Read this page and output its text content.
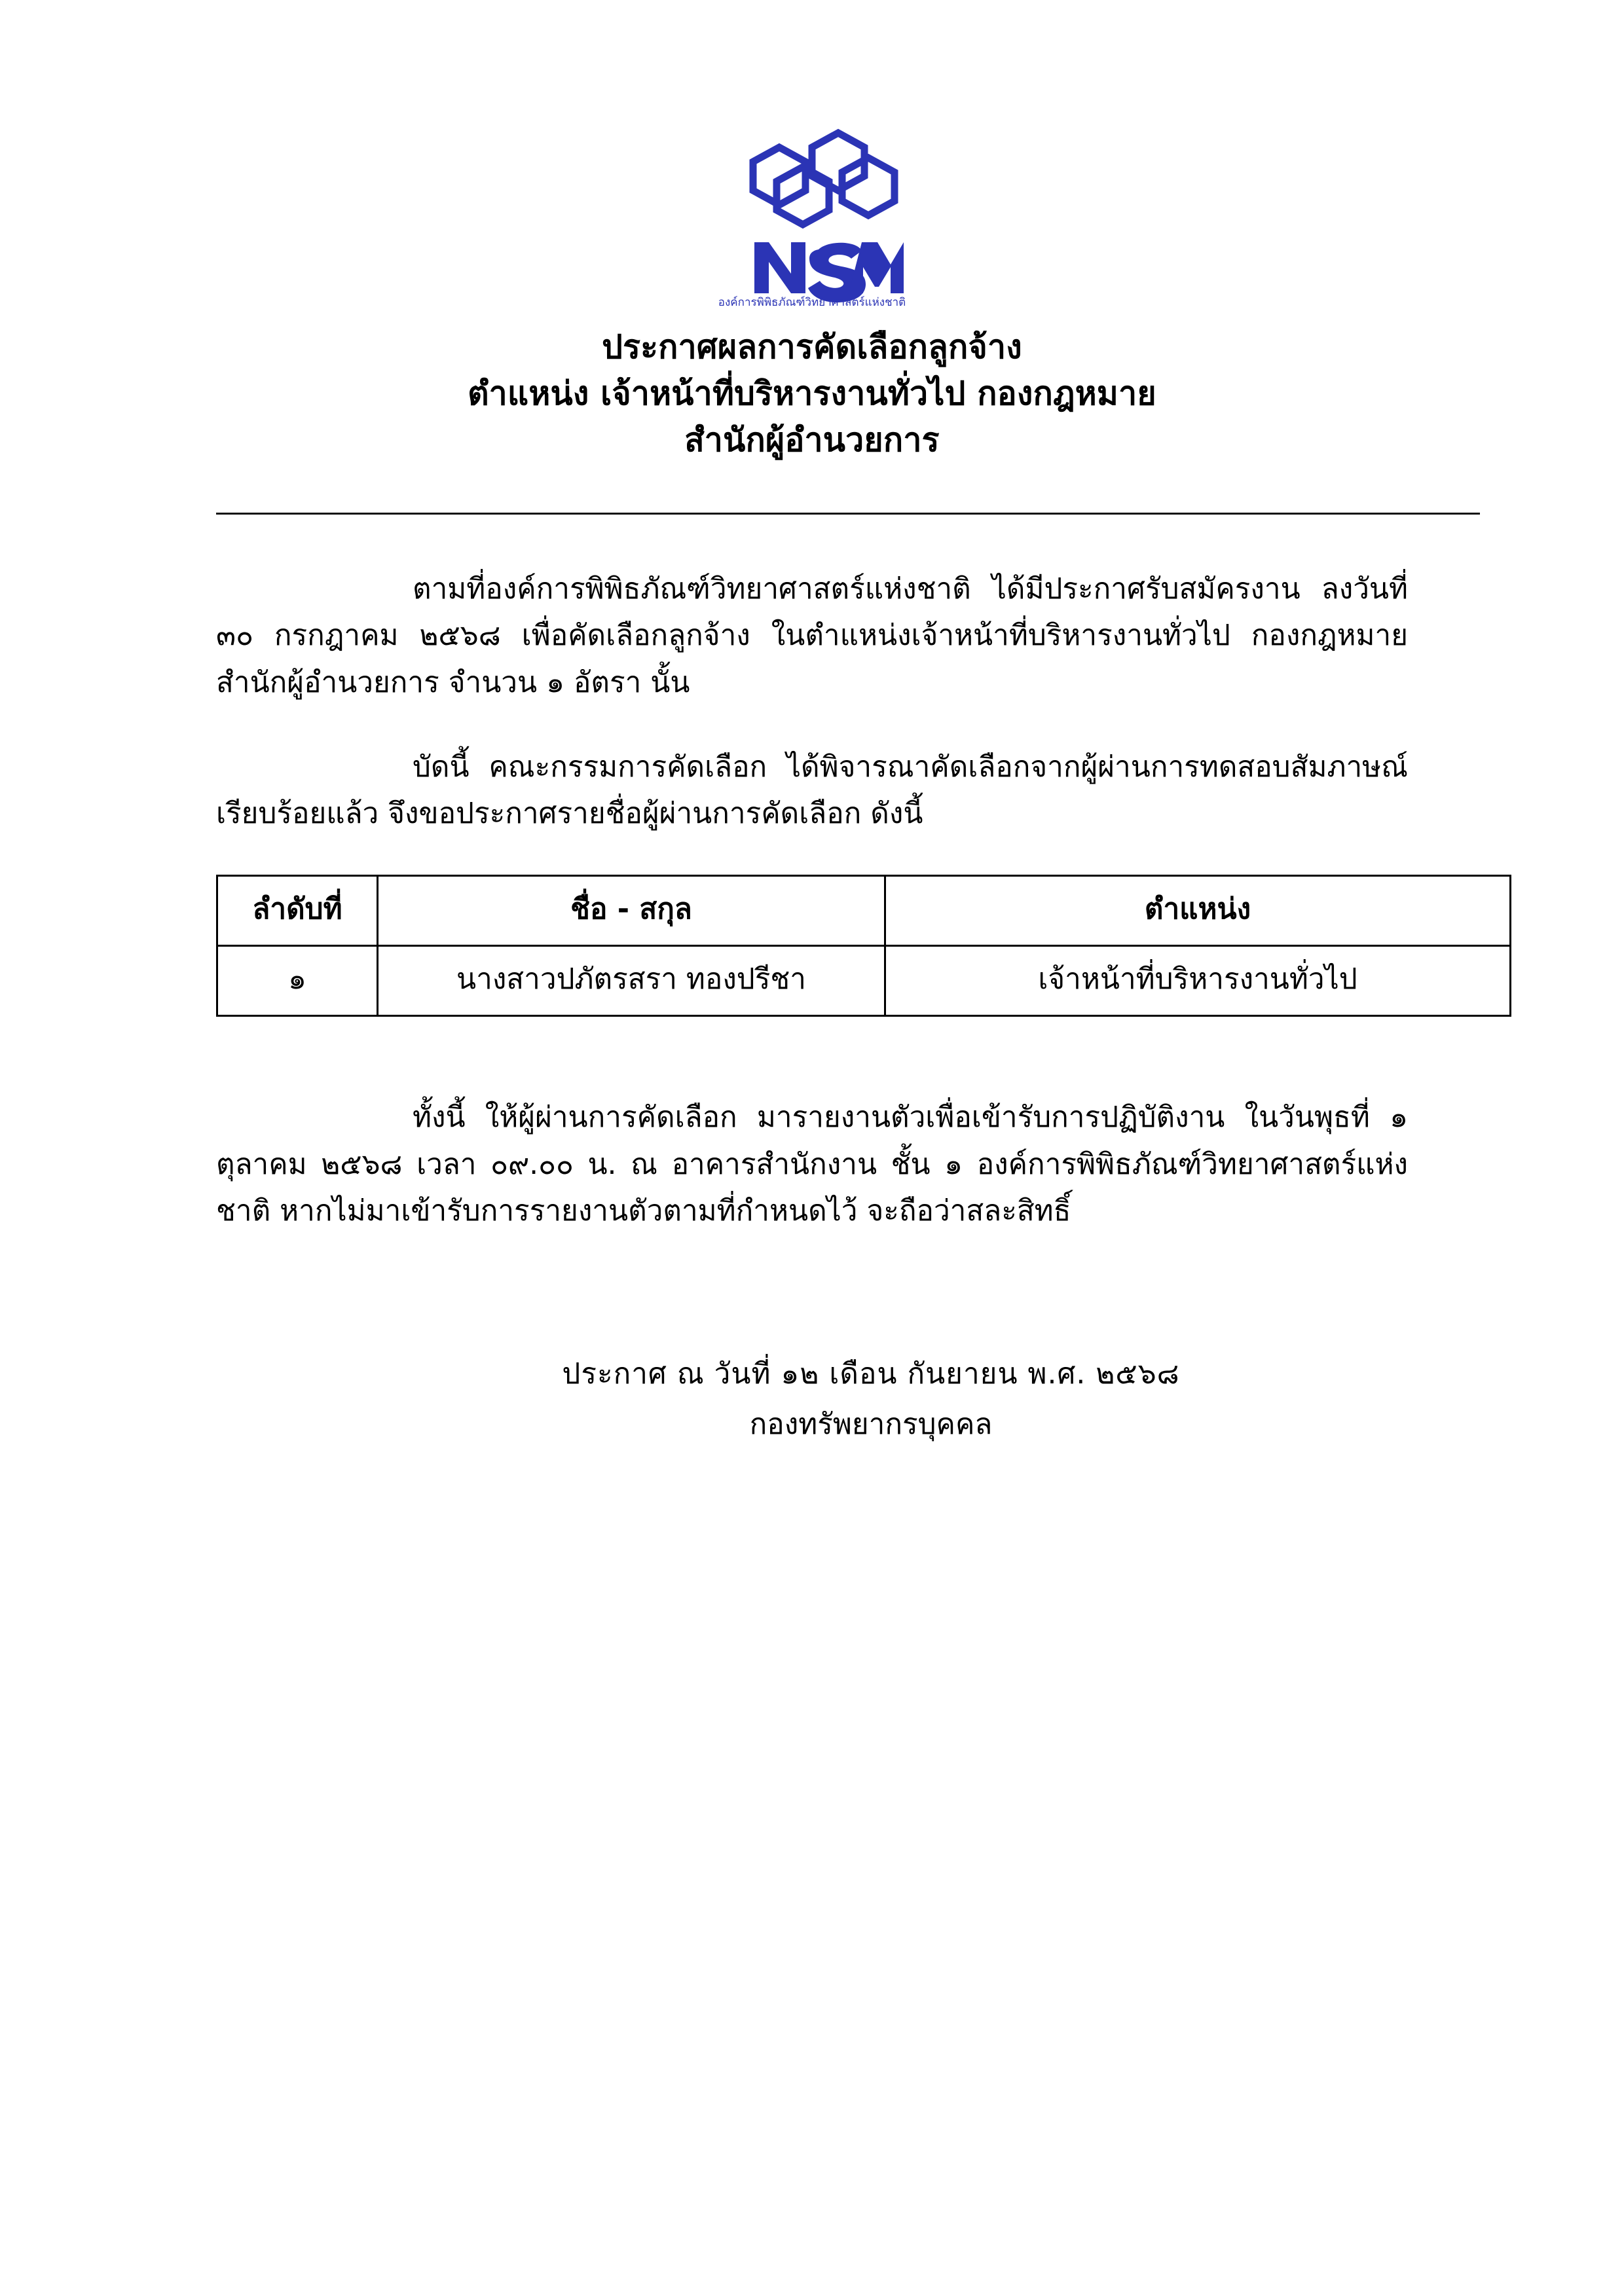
องค์การพิพิธภัณฑ์วิทยาศาสตร์แห่งชาติ
ประกาศผลการคัดเลือกลูกจ้าง
ตำแหน่ง เจ้าหน้าที่บริหารงานทั่วไป กองกฎหมาย
สำนักผู้อำนวยการ

ตามที่องค์การพิพิธภัณฑ์วิทยาศาสตร์แห่งชาติ ได้มีประกาศรับสมัครงาน ลงวันที่ ๓๐ กรกฎาคม ๒๕๖๘ เพื่อคัดเลือกลูกจ้าง ในตำแหน่งเจ้าหน้าที่บริหารงานทั่วไป กองกฎหมาย สำนักผู้อำนวยการ จำนวน ๑ อัตรา นั้น

บัดนี้ คณะกรรมการคัดเลือก ได้พิจารณาคัดเลือกจากผู้ผ่านการทดสอบสัมภาษณ์เรียบร้อยแล้ว จึงขอประกาศรายชื่อผู้ผ่านการคัดเลือก ดังนี้

ลำดับที่	ชื่อ - สกุล	ตำแหน่ง
๑	นางสาวปภัตรสรา ทองปรีชา	เจ้าหน้าที่บริหารงานทั่วไป

ทั้งนี้ ให้ผู้ผ่านการคัดเลือก มารายงานตัวเพื่อเข้ารับการปฏิบัติงาน ในวันพุธที่ ๑ ตุลาคม ๒๕๖๘ เวลา ๐๙.๐๐ น. ณ อาคารสำนักงาน ชั้น ๑ องค์การพิพิธภัณฑ์วิทยาศาสตร์แห่งชาติ หากไม่มาเข้ารับการรายงานตัวตามที่กำหนดไว้ จะถือว่าสละสิทธิ์

ประกาศ ณ วันที่ ๑๒ เดือน กันยายน พ.ศ. ๒๕๖๘
กองทรัพยากรบุคคล
